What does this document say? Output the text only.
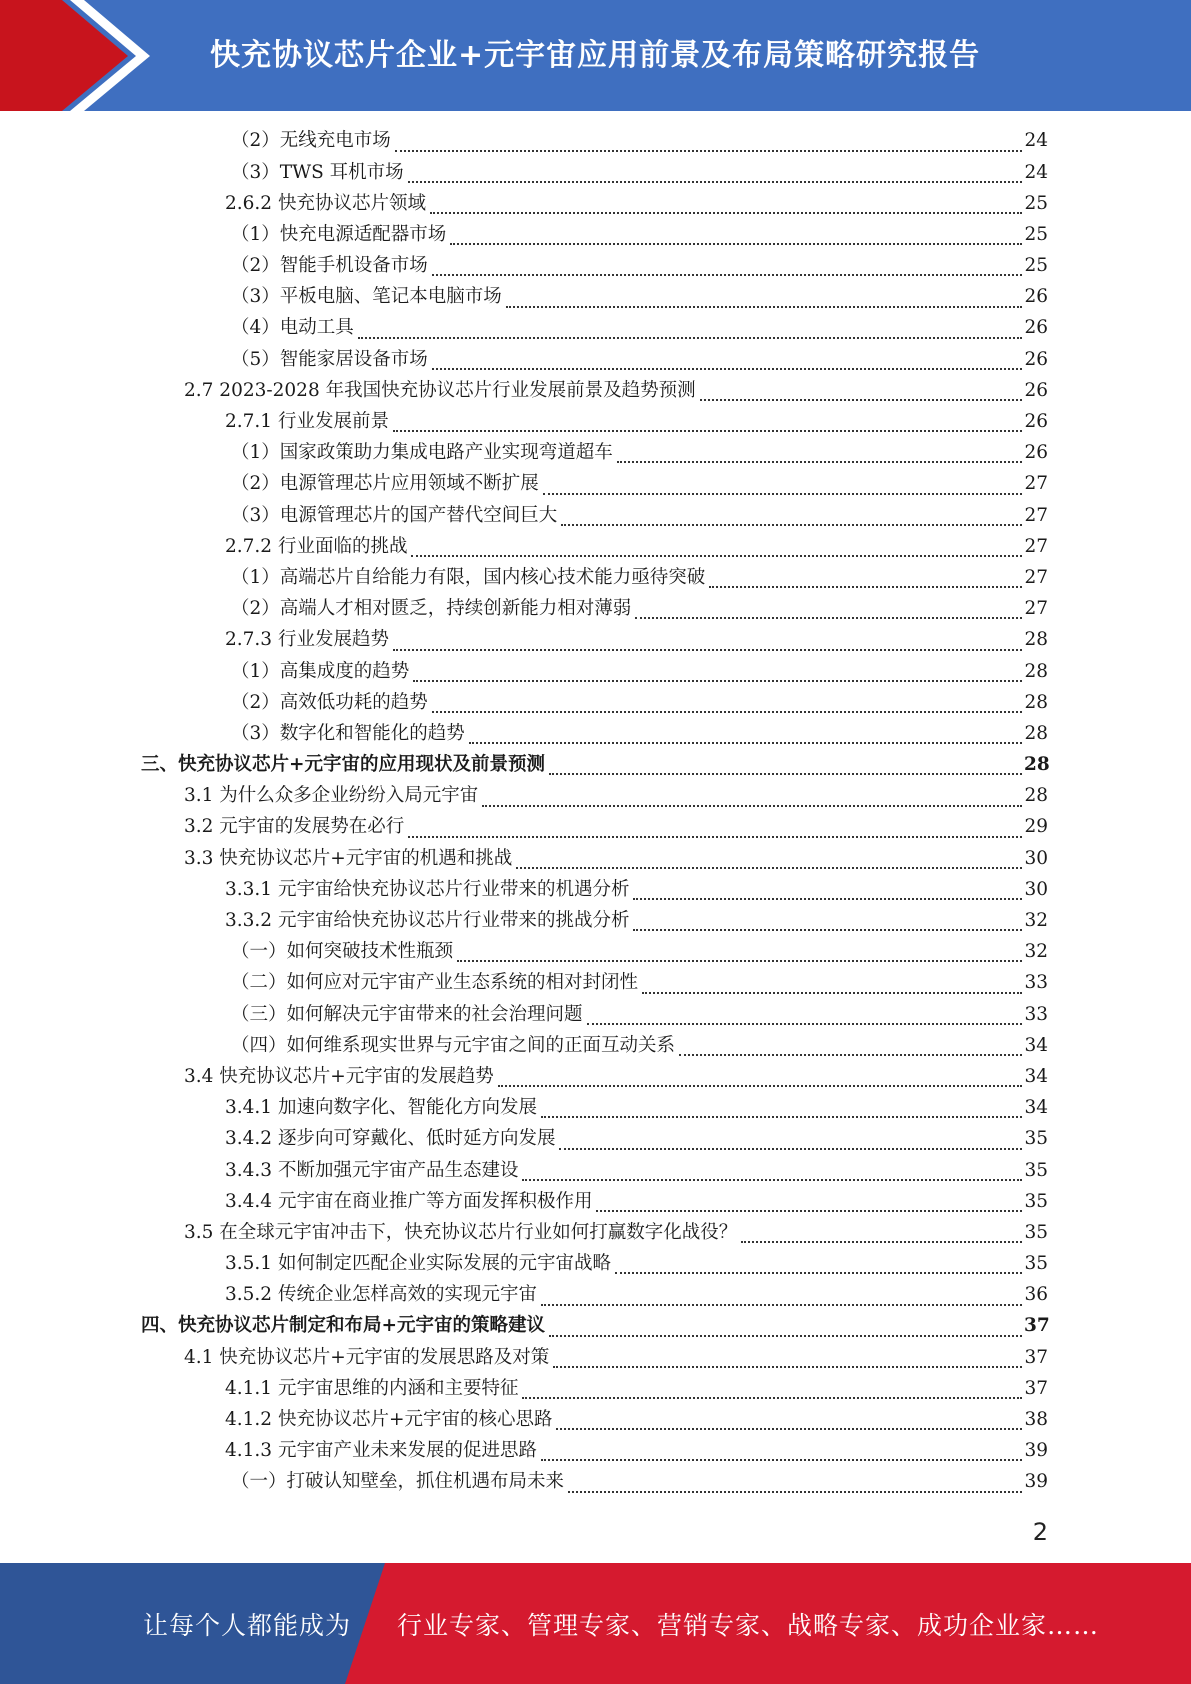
快充协议芯片企业+元宇宙应用前景及布局策略研究报告
（2）无线充电市场	24
（3）TWS 耳机市场	24
2.6.2 快充协议芯片领域	25
（1）快充电源适配器市场	25
（2）智能手机设备市场	25
（3）平板电脑、笔记本电脑市场	26
（4）电动工具	26
（5）智能家居设备市场	26
2.7 2023-2028 年我国快充协议芯片行业发展前景及趋势预测	26
2.7.1 行业发展前景	26
（1）国家政策助力集成电路产业实现弯道超车	26
（2）电源管理芯片应用领域不断扩展	27
（3）电源管理芯片的国产替代空间巨大	27
2.7.2 行业面临的挑战	27
（1）高端芯片自给能力有限，国内核心技术能力亟待突破	27
（2）高端人才相对匮乏，持续创新能力相对薄弱	27
2.7.3 行业发展趋势	28
（1）高集成度的趋势	28
（2）高效低功耗的趋势	28
（3）数字化和智能化的趋势	28
三、快充协议芯片+元宇宙的应用现状及前景预测	28
3.1 为什么众多企业纷纷入局元宇宙	28
3.2 元宇宙的发展势在必行	29
3.3 快充协议芯片+元宇宙的机遇和挑战	30
3.3.1 元宇宙给快充协议芯片行业带来的机遇分析	30
3.3.2 元宇宙给快充协议芯片行业带来的挑战分析	32
（一）如何突破技术性瓶颈	32
（二）如何应对元宇宙产业生态系统的相对封闭性	33
（三）如何解决元宇宙带来的社会治理问题	33
（四）如何维系现实世界与元宇宙之间的正面互动关系	34
3.4 快充协议芯片+元宇宙的发展趋势	34
3.4.1 加速向数字化、智能化方向发展	34
3.4.2 逐步向可穿戴化、低时延方向发展	35
3.4.3 不断加强元宇宙产品生态建设	35
3.4.4 元宇宙在商业推广等方面发挥积极作用	35
3.5 在全球元宇宙冲击下，快充协议芯片行业如何打赢数字化战役？	35
3.5.1 如何制定匹配企业实际发展的元宇宙战略	35
3.5.2 传统企业怎样高效的实现元宇宙	36
四、快充协议芯片制定和布局+元宇宙的策略建议	37
4.1 快充协议芯片+元宇宙的发展思路及对策	37
4.1.1 元宇宙思维的内涵和主要特征	37
4.1.2 快充协议芯片+元宇宙的核心思路	38
4.1.3 元宇宙产业未来发展的促进思路	39
（一）打破认知壁垒，抓住机遇布局未来	39
2
让每个人都能成为 行业专家、管理专家、营销专家、战略专家、成功企业家……
